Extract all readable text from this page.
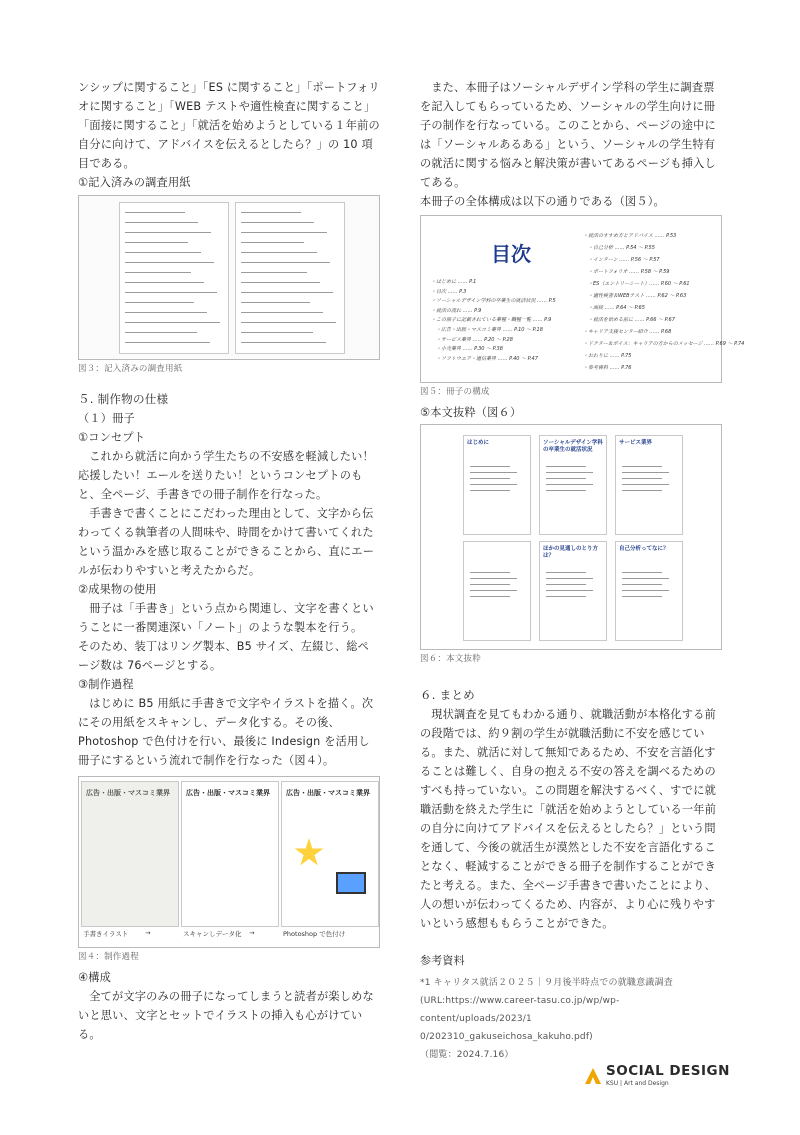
ンシップに関すること」「ES に関すること」「ポートフォリオに関すること」「WEB テストや適性検査に関すること」「面接に関すること」「就活を始めようとしている１年前の自分に向けて、アドバイスを伝えるとしたら？」の 10 項目である。

①記入済みの調査用紙

図３：記入済みの調査用紙

５. 制作物の仕様

（１）冊子

①コンセプト

これから就活に向かう学生たちの不安感を軽減したい！応援したい！エールを送りたい！というコンセプトのもと、全ページ、手書きでの冊子制作を行なった。

手書きで書くことにこだわった理由として、文字から伝わってくる執筆者の人間味や、時間をかけて書いてくれたという温かみを感じ取ることができることから、直にエールが伝わりやすいと考えたからだ。

②成果物の使用

冊子は「手書き」という点から関連し、文字を書くということに一番関連深い「ノート」のような製本を行う。

そのため、装丁はリング製本、B5 サイズ、左綴じ、総ページ数は 76ページとする。

③制作過程

はじめに B5 用紙に手書きで文字やイラストを描く。次にその用紙をスキャンし、データ化する。その後、Photoshop で色付けを行い、最後に Indesign を活用し冊子にするという流れで制作を行なった（図４）。

広告・出版・マスコミ業界	広告・出版・マスコミ業界	広告・出版・マスコミ業界
手書きイラスト	→	スキャンしデータ化 →	Photoshop で色付け

図４：制作過程

④構成

全てが文字のみの冊子になってしまうと読者が楽しめないと思い、文字とセットでイラストの挿入も心がけている。

また、本冊子はソーシャルデザイン学科の学生に調査票を記入してもらっているため、ソーシャルの学生向けに冊子の制作を行なっている。このことから、ページの途中には「ソーシャルあるある」という、ソーシャルの学生特有の就活に関する悩みと解決策が書いてあるページも挿入してある。

本冊子の全体構成は以下の通りである（図５）。

目次
・はじめに …… P.1
・目次 …… P.3
・ソーシャルデザイン学科の卒業生の就活状況 …… P.5
・就活の流れ …… P.9
・この冊子に記載されている業種・職種一覧 …… P.9
　・広告・出版・マスコミ業界 …… P.10 〜 P.18
　・サービス業界 …… P.20 〜 P.28
　・小売業界 …… P.30 〜 P.38
　・ソフトウエア・通信業界 …… P.40 〜 P.47
・就活のすすめ方とアドバイス …… P.53
　・自己分析 …… P.54 〜 P.55
　・インターン …… P.56 〜 P.57
　・ポートフォリオ …… P.58 〜 P.59
　・ES（エントリーシート）…… P.60 〜 P.61
　・適性検査＆WEBテスト …… P.62 〜 P.63
　・面接 …… P.64 〜 P.65
　・就活を始める前に …… P.66 〜 P.67
・キャリア支援センター紹介 …… P.68
・ドクター＆ボイス：キャリアの方からのメッセージ …… P.69 〜 P.74
・おわりに …… P.75
・参考資料 …… P.76

図５：冊子の構成

⑤本文抜粋（図６）

はじめに	ソーシャルデザイン学科の卒業生の就活状況
サービス業界
ほかの見通しのとり方は？
自己分析ってなに？

図６：本文抜粋

６. まとめ

現状調査を見てもわかる通り、就職活動が本格化する前の段階では、約９割の学生が就職活動に不安を感じている。また、就活に対して無知であるため、不安を言語化することは難しく、自身の抱える不安の答えを調べるためのすべも持っていない。この問題を解決するべく、すでに就職活動を終えた学生に「就活を始めようとしている一年前の自分に向けてアドバイスを伝えるとしたら？」という問を通して、今後の就活生が漠然とした不安を言語化することなく、軽減することができる冊子を制作することができたと考える。また、全ページ手書きで書いたことにより、人の想いが伝わってくるため、内容が、より心に残りやすいという感想ももらうことができた。

参考資料

*1 キャリタス就活２０２５｜９月後半時点での就職意識調査

(URL:https://www.career-tasu.co.jp/wp/wp-content/uploads/2023/1

0/202310_gakuseichosa_kakuho.pdf)

（閲覧：2024.7.16）

SOCIAL DESIGN
KSU | Art and Design
